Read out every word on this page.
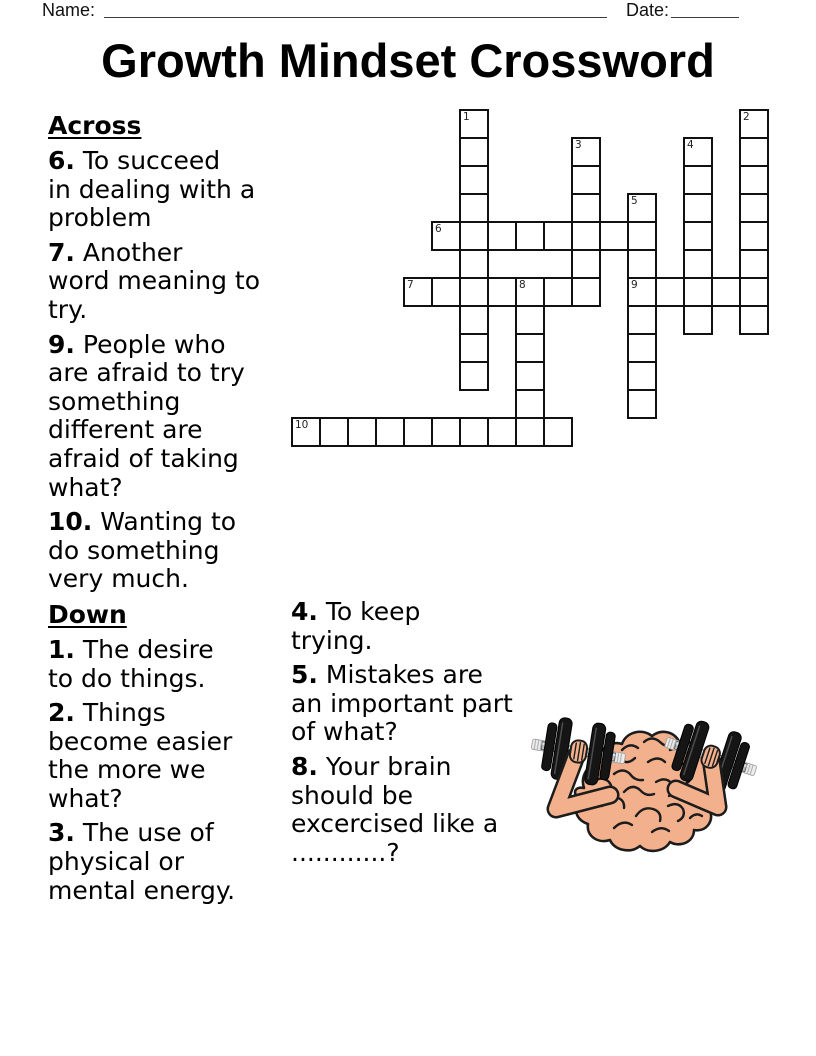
Name:	Date:
Growth Mindset Crossword
Across

6. To succeed
in dealing with a
problem

7. Another
word meaning to
try.

9. People who
are afraid to try
something
different are
afraid of taking
what?

10. Wanting to
do something
very much.

Down

1. The desire
to do things.

2. Things
become easier
the more we
what?

3. The use of
physical or
mental energy.

4. To keep
trying.

5. Mistakes are
an important part
of what?

8. Your brain
should be
excercised like a
............?

1	2
3	4
5
9
6
7	8
10
